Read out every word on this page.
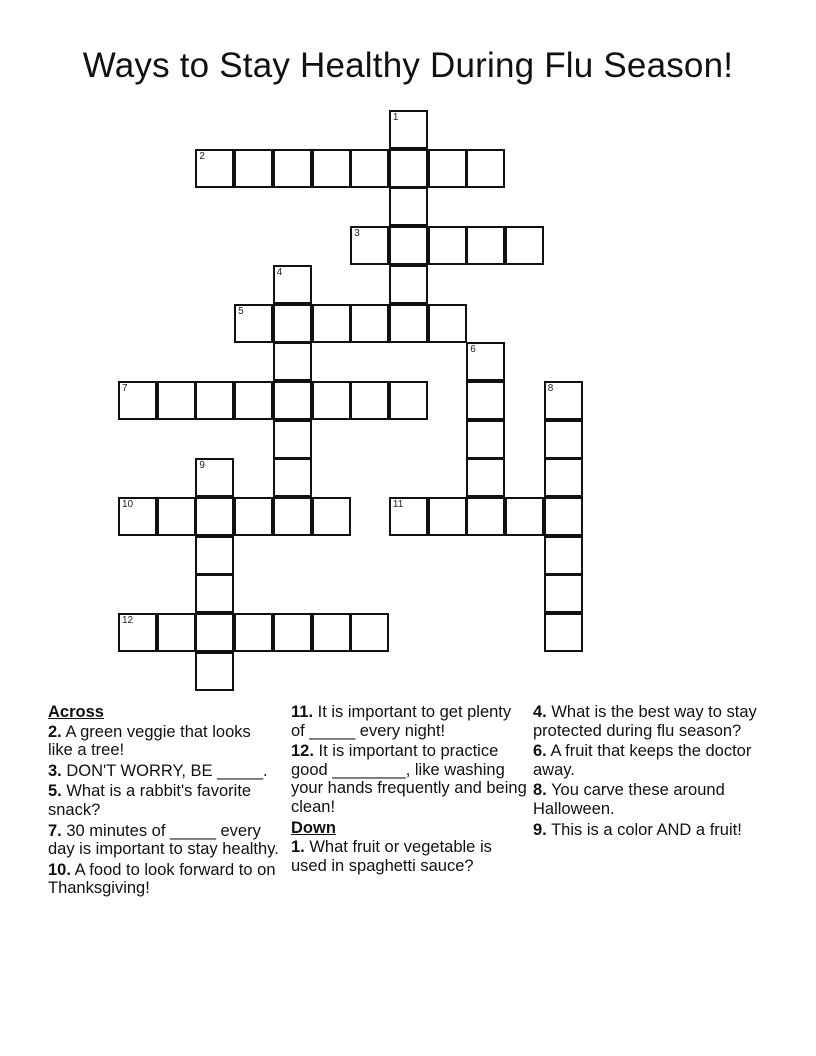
Ways to Stay Healthy During Flu Season!
2
3
5
7
10	11
12
1
4
6
8
9
Across
2. A green veggie that looks like a tree!
3. DON'T WORRY, BE _____.
5. What is a rabbit's favorite snack?
7. 30 minutes of _____ every day is important to stay healthy.
10. A food to look forward to on Thanksgiving!
11. It is important to get plenty of _____ every night!
12. It is important to practice good ________, like washing your hands frequently and being clean!
Down
1. What fruit or vegetable is used in spaghetti sauce?
4. What is the best way to stay protected during flu season?
6. A fruit that keeps the doctor away.
8. You carve these around Halloween.
9. This is a color AND a fruit!
